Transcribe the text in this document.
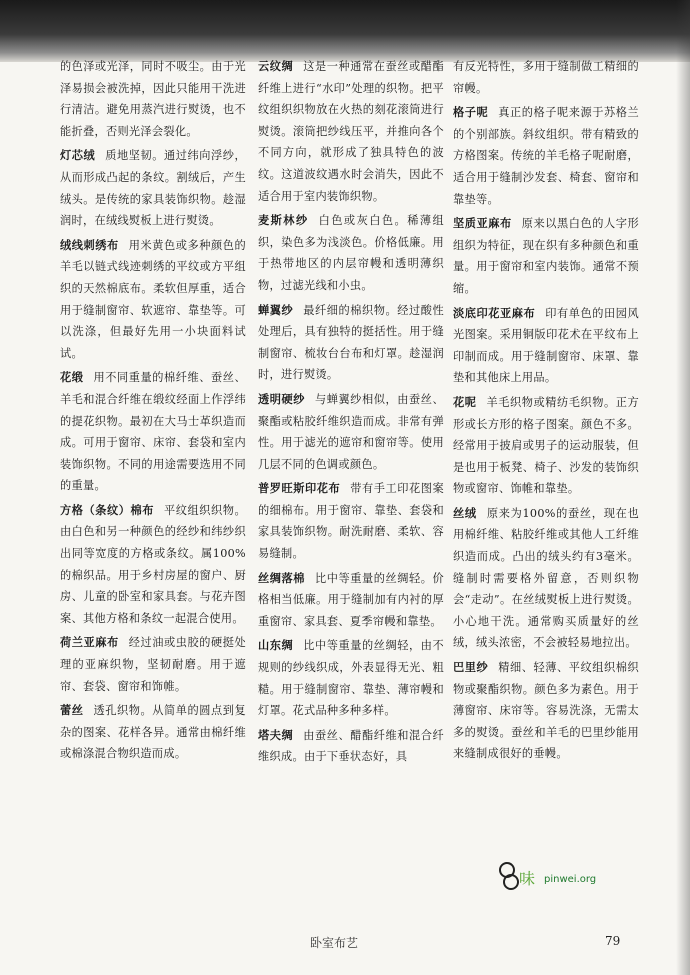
的色泽或光泽，同时不吸尘。由于光泽易损会被洗掉，因此只能用干洗进行清洁。避免用蒸汽进行熨烫，也不能折叠，否则光泽会裂化。

灯芯绒 质地坚韧。通过纬向浮纱，从而形成凸起的条纹。割绒后，产生绒头。是传统的家具装饰织物。趁湿润时，在绒线熨板上进行熨烫。

绒线刺绣布 用米黄色或多种颜色的羊毛以链式线迹刺绣的平纹或方平组织的天然棉底布。柔软但厚重，适合用于缝制窗帘、软遮帘、靠垫等。可以洗涤，但最好先用一小块面料试试。

花缎 用不同重量的棉纤维、蚕丝、羊毛和混合纤维在缎纹经面上作浮纬的提花织物。最初在大马士革织造而成。可用于窗帘、床帘、套袋和室内装饰织物。不同的用途需要选用不同的重量。

方格（条纹）棉布 平纹组织织物。由白色和另一种颜色的经纱和纬纱织出同等宽度的方格或条纹。属100%的棉织品。用于乡村房屋的窗户、厨房、儿童的卧室和家具套。与花卉图案、其他方格和条纹一起混合使用。

荷兰亚麻布 经过油或虫胶的硬挺处理的亚麻织物，坚韧耐磨。用于遮帘、套袋、窗帘和饰帷。

蕾丝 透孔织物。从简单的圆点到复杂的图案、花样各异。通常由棉纤维或棉涤混合物织造而成。

云纹绸 这是一种通常在蚕丝或醋酯纤维上进行“水印”处理的织物。把平纹组织织物放在火热的刻花滚筒进行熨烫。滚筒把纱线压平，并推向各个不同方向，就形成了独具特色的波纹。这道波纹遇水时会消失，因此不适合用于室内装饰织物。

麦斯林纱 白色或灰白色。稀薄组织，染色多为浅淡色。价格低廉。用于热带地区的内层帘幔和透明薄织物，过滤光线和小虫。

蝉翼纱 最纤细的棉织物。经过酸性处理后，具有独特的挺括性。用于缝制窗帘、梳妆台台布和灯罩。趁湿润时，进行熨烫。

透明硬纱 与蝉翼纱相似，由蚕丝、聚酯或粘胶纤维织造而成。非常有弹性。用于滤光的遮帘和窗帘等。使用几层不同的色调或颜色。

普罗旺斯印花布 带有手工印花图案的细棉布。用于窗帘、靠垫、套袋和家具装饰织物。耐洗耐磨、柔软、容易缝制。

丝绸落棉 比中等重量的丝绸轻。价格相当低廉。用于缝制加有内衬的厚重窗帘、家具套、夏季帘幔和靠垫。

山东绸 比中等重量的丝绸轻，由不规则的纱线织成，外表显得无光、粗糙。用于缝制窗帘、靠垫、薄帘幔和灯罩。花式品种多种多样。

塔夫绸 由蚕丝、醋酯纤维和混合纤维织成。由于下垂状态好，具

有反光特性，多用于缝制做工精细的帘幔。

格子呢 真正的格子呢来源于苏格兰的个别部族。斜纹组织。带有精致的方格图案。传统的羊毛格子呢耐磨，适合用于缝制沙发套、椅套、窗帘和靠垫等。

坚质亚麻布 原来以黑白色的人字形组织为特征，现在织有多种颜色和重量。用于窗帘和室内装饰。通常不预缩。

淡底印花亚麻布 印有单色的田园风光图案。采用铜版印花术在平纹布上印制而成。用于缝制窗帘、床罩、靠垫和其他床上用品。

花呢 羊毛织物或精纺毛织物。正方形或长方形的格子图案。颜色不多。经常用于披肩或男子的运动服装，但是也用于板凳、椅子、沙发的装饰织物或窗帘、饰帷和靠垫。

丝绒 原来为100%的蚕丝，现在也用棉纤维、粘胶纤维或其他人工纤维织造而成。凸出的绒头约有3毫米。缝制时需要格外留意，否则织物会“走动”。在丝绒熨板上进行熨烫。小心地干洗。通常购买质量好的丝绒，绒头浓密，不会被轻易地拉出。

巴里纱 精细、轻薄、平纹组织棉织物或聚酯织物。颜色多为素色。用于薄窗帘、床帘等。容易洗涤，无需太多的熨烫。蚕丝和羊毛的巴里纱能用来缝制成很好的垂幔。

卧室布艺	79
味 pinwei.org
